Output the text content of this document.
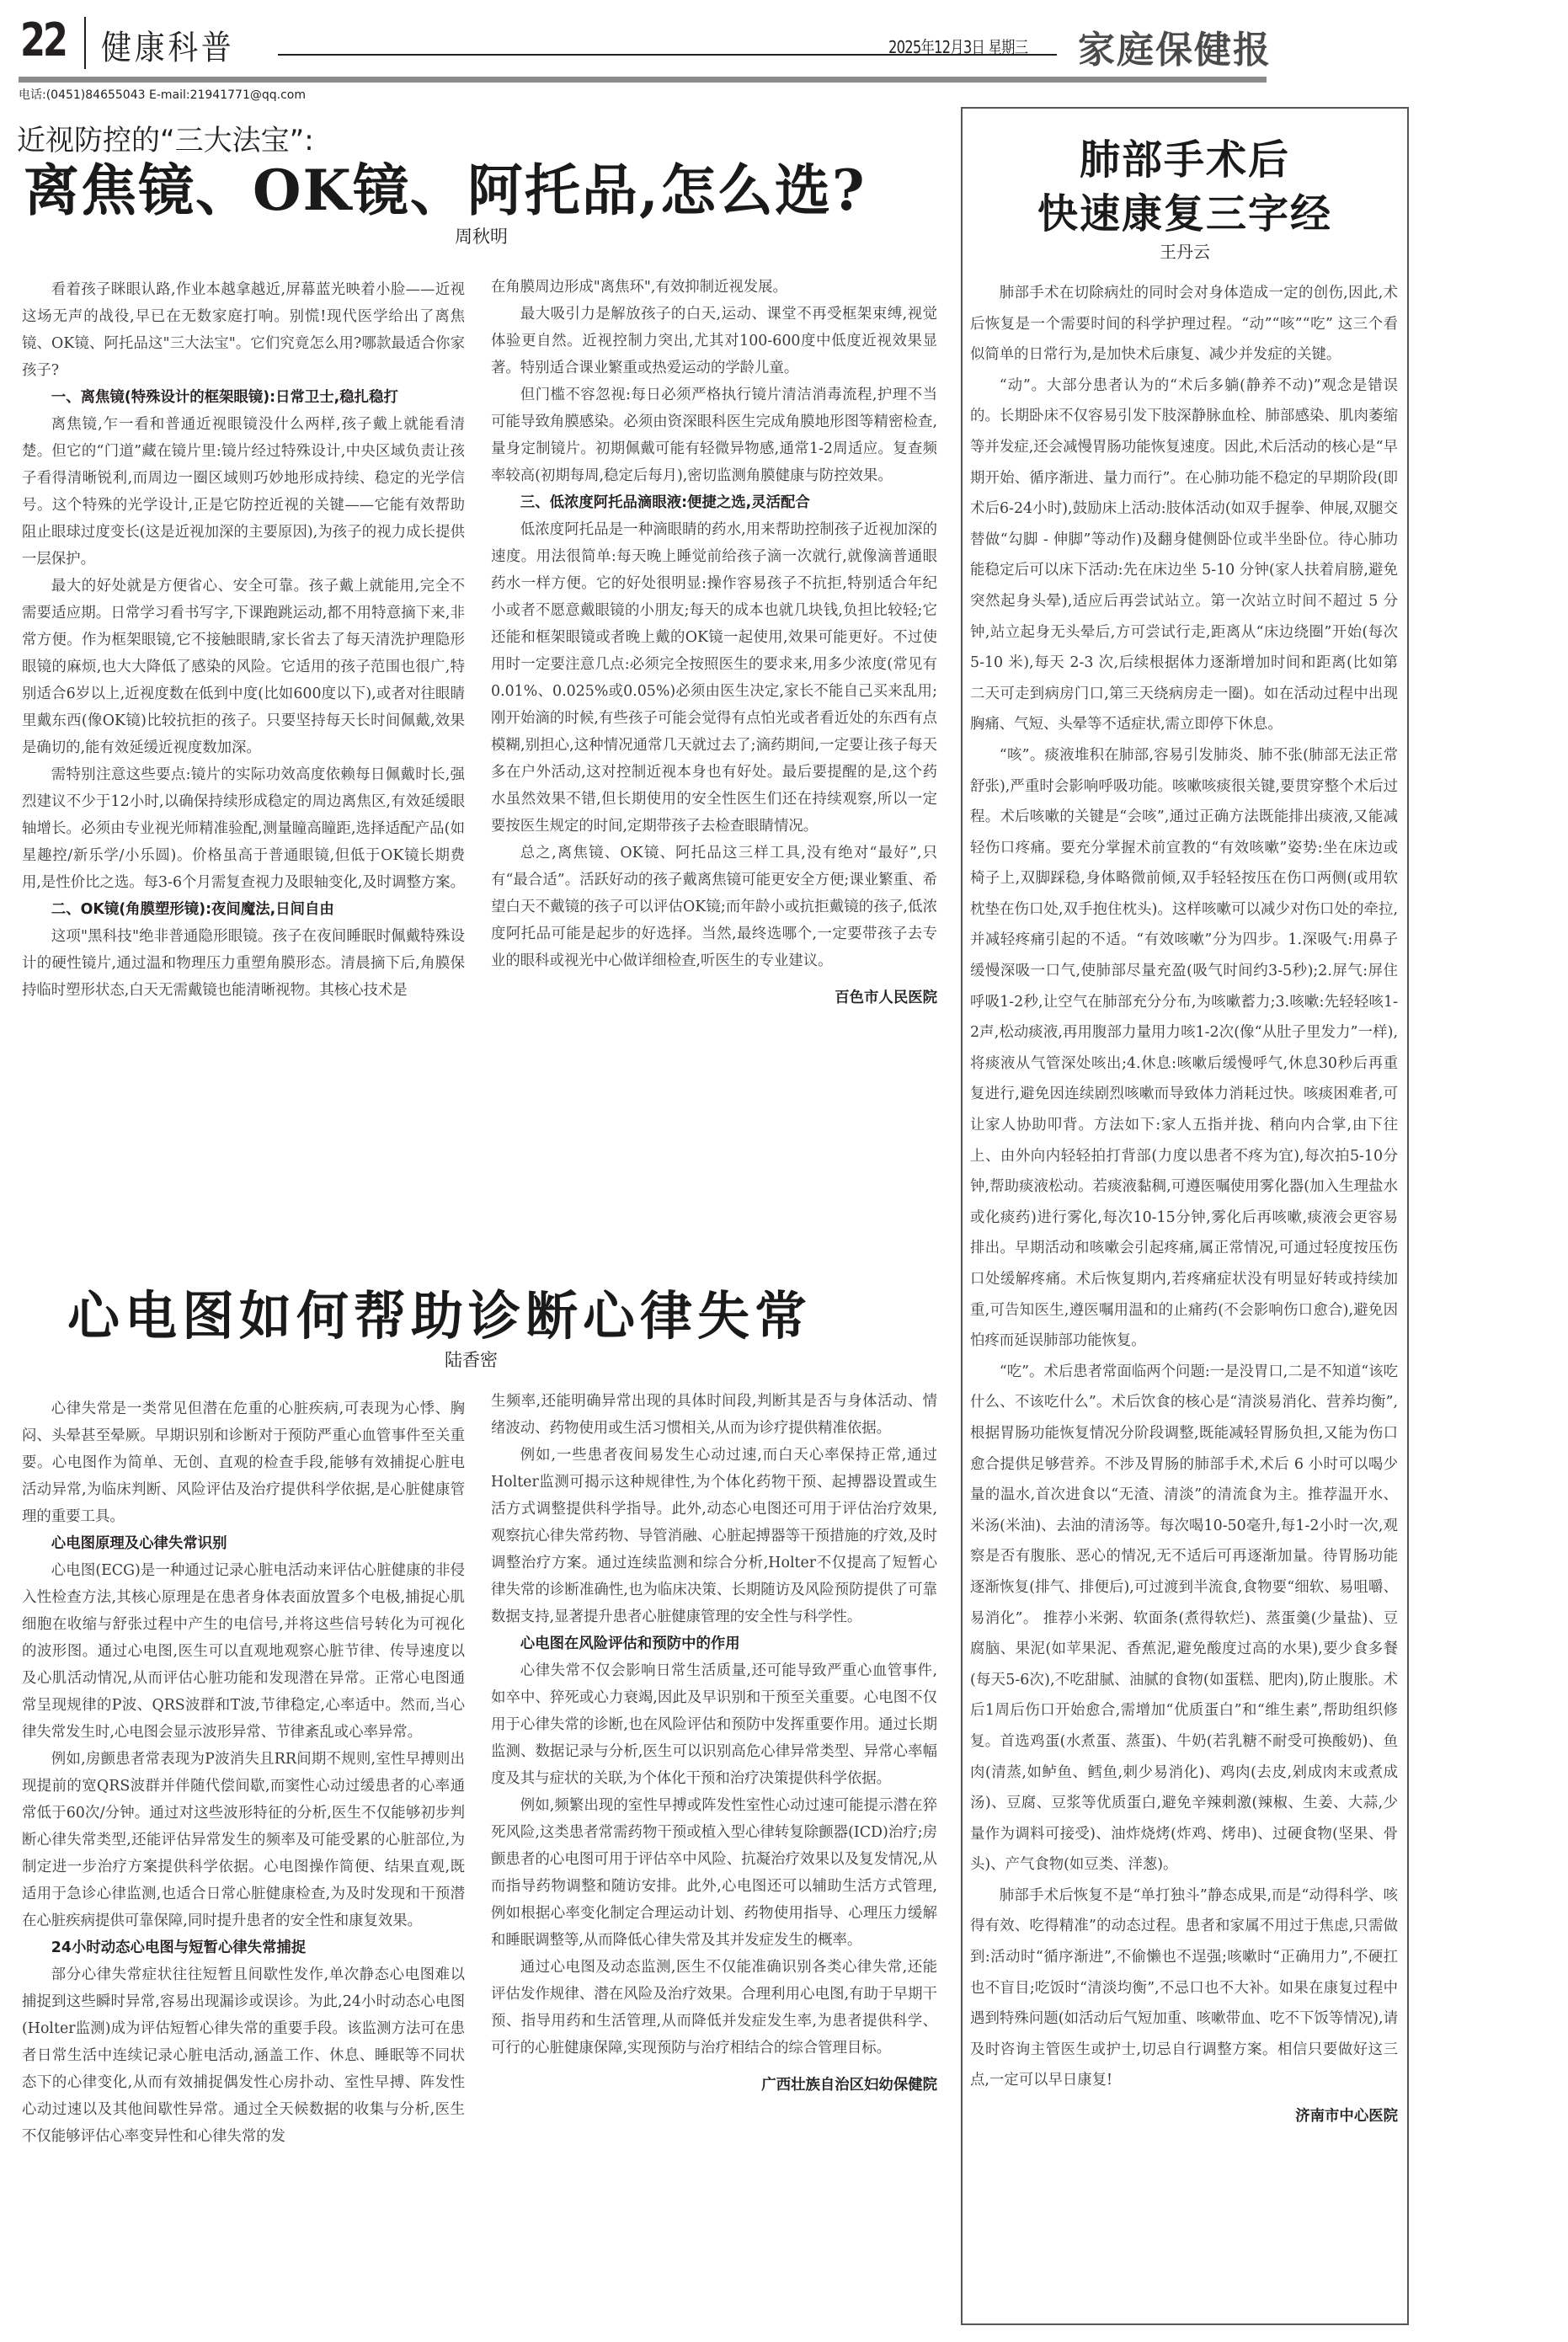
22 健康科普	2025年12月3日 星期三 家庭保健报
电话:(0451)84655043 E-mail:21941771@qq.com
近视防控的“三大法宝”:
离焦镜、OK镜、阿托品,怎么选?
周秋明

看着孩子眯眼认路,作业本越拿越近,屏幕蓝光映着小脸——近视这场无声的战役,早已在无数家庭打响。别慌!现代医学给出了离焦镜、OK镜、阿托品这"三大法宝"。它们究竟怎么用?哪款最适合你家孩子?

一、离焦镜(特殊设计的框架眼镜):日常卫士,稳扎稳打

离焦镜,乍一看和普通近视眼镜没什么两样,孩子戴上就能看清楚。但它的“门道”藏在镜片里:镜片经过特殊设计,中央区域负责让孩子看得清晰锐利,而周边一圈区域则巧妙地形成持续、稳定的光学信号。这个特殊的光学设计,正是它防控近视的关键——它能有效帮助阻止眼球过度变长(这是近视加深的主要原因),为孩子的视力成长提供一层保护。

最大的好处就是方便省心、安全可靠。孩子戴上就能用,完全不需要适应期。日常学习看书写字,下课跑跳运动,都不用特意摘下来,非常方便。作为框架眼镜,它不接触眼睛,家长省去了每天清洗护理隐形眼镜的麻烦,也大大降低了感染的风险。它适用的孩子范围也很广,特别适合6岁以上,近视度数在低到中度(比如600度以下),或者对往眼睛里戴东西(像OK镜)比较抗拒的孩子。只要坚持每天长时间佩戴,效果是确切的,能有效延缓近视度数加深。

需特别注意这些要点:镜片的实际功效高度依赖每日佩戴时长,强烈建议不少于12小时,以确保持续形成稳定的周边离焦区,有效延缓眼轴增长。必须由专业视光师精准验配,测量瞳高瞳距,选择适配产品(如星趣控/新乐学/小乐圆)。价格虽高于普通眼镜,但低于OK镜长期费用,是性价比之选。每3-6个月需复查视力及眼轴变化,及时调整方案。

二、OK镜(角膜塑形镜):夜间魔法,日间自由

这项"黑科技"绝非普通隐形眼镜。孩子在夜间睡眠时佩戴特殊设计的硬性镜片,通过温和物理压力重塑角膜形态。清晨摘下后,角膜保持临时塑形状态,白天无需戴镜也能清晰视物。其核心技术是

在角膜周边形成"离焦环",有效抑制近视发展。

最大吸引力是解放孩子的白天,运动、课堂不再受框架束缚,视觉体验更自然。近视控制力突出,尤其对100-600度中低度近视效果显著。特别适合课业繁重或热爱运动的学龄儿童。

但门槛不容忽视:每日必须严格执行镜片清洁消毒流程,护理不当可能导致角膜感染。必须由资深眼科医生完成角膜地形图等精密检查,量身定制镜片。初期佩戴可能有轻微异物感,通常1-2周适应。复查频率较高(初期每周,稳定后每月),密切监测角膜健康与防控效果。

三、低浓度阿托品滴眼液:便捷之选,灵活配合

低浓度阿托品是一种滴眼睛的药水,用来帮助控制孩子近视加深的速度。用法很简单:每天晚上睡觉前给孩子滴一次就行,就像滴普通眼药水一样方便。它的好处很明显:操作容易孩子不抗拒,特别适合年纪小或者不愿意戴眼镜的小朋友;每天的成本也就几块钱,负担比较轻;它还能和框架眼镜或者晚上戴的OK镜一起使用,效果可能更好。不过使用时一定要注意几点:必须完全按照医生的要求来,用多少浓度(常见有0.01%、0.025%或0.05%)必须由医生决定,家长不能自己买来乱用;刚开始滴的时候,有些孩子可能会觉得有点怕光或者看近处的东西有点模糊,别担心,这种情况通常几天就过去了;滴药期间,一定要让孩子每天多在户外活动,这对控制近视本身也有好处。最后要提醒的是,这个药水虽然效果不错,但长期使用的安全性医生们还在持续观察,所以一定要按医生规定的时间,定期带孩子去检查眼睛情况。

总之,离焦镜、OK镜、阿托品这三样工具,没有绝对“最好”,只有“最合适”。活跃好动的孩子戴离焦镜可能更安全方便;课业繁重、希望白天不戴镜的孩子可以评估OK镜;而年龄小或抗拒戴镜的孩子,低浓度阿托品可能是起步的好选择。当然,最终选哪个,一定要带孩子去专业的眼科或视光中心做详细检查,听医生的专业建议。

百色市人民医院

心电图如何帮助诊断心律失常
陆香密

心律失常是一类常见但潜在危重的心脏疾病,可表现为心悸、胸闷、头晕甚至晕厥。早期识别和诊断对于预防严重心血管事件至关重要。心电图作为简单、无创、直观的检查手段,能够有效捕捉心脏电活动异常,为临床判断、风险评估及治疗提供科学依据,是心脏健康管理的重要工具。

心电图原理及心律失常识别

心电图(ECG)是一种通过记录心脏电活动来评估心脏健康的非侵入性检查方法,其核心原理是在患者身体表面放置多个电极,捕捉心肌细胞在收缩与舒张过程中产生的电信号,并将这些信号转化为可视化的波形图。通过心电图,医生可以直观地观察心脏节律、传导速度以及心肌活动情况,从而评估心脏功能和发现潜在异常。正常心电图通常呈现规律的P波、QRS波群和T波,节律稳定,心率适中。然而,当心律失常发生时,心电图会显示波形异常、节律紊乱或心率异常。

例如,房颤患者常表现为P波消失且RR间期不规则,室性早搏则出现提前的宽QRS波群并伴随代偿间歇,而窦性心动过缓患者的心率通常低于60次/分钟。通过对这些波形特征的分析,医生不仅能够初步判断心律失常类型,还能评估异常发生的频率及可能受累的心脏部位,为制定进一步治疗方案提供科学依据。心电图操作简便、结果直观,既适用于急诊心律监测,也适合日常心脏健康检查,为及时发现和干预潜在心脏疾病提供可靠保障,同时提升患者的安全性和康复效果。

24小时动态心电图与短暂心律失常捕捉

部分心律失常症状往往短暂且间歇性发作,单次静态心电图难以捕捉到这些瞬时异常,容易出现漏诊或误诊。为此,24小时动态心电图(Holter监测)成为评估短暂心律失常的重要手段。该监测方法可在患者日常生活中连续记录心脏电活动,涵盖工作、休息、睡眠等不同状态下的心律变化,从而有效捕捉偶发性心房扑动、室性早搏、阵发性心动过速以及其他间歇性异常。通过全天候数据的收集与分析,医生不仅能够评估心率变异性和心律失常的发

生频率,还能明确异常出现的具体时间段,判断其是否与身体活动、情绪波动、药物使用或生活习惯相关,从而为诊疗提供精准依据。

例如,一些患者夜间易发生心动过速,而白天心率保持正常,通过Holter监测可揭示这种规律性,为个体化药物干预、起搏器设置或生活方式调整提供科学指导。此外,动态心电图还可用于评估治疗效果,观察抗心律失常药物、导管消融、心脏起搏器等干预措施的疗效,及时调整治疗方案。通过连续监测和综合分析,Holter不仅提高了短暂心律失常的诊断准确性,也为临床决策、长期随访及风险预防提供了可靠数据支持,显著提升患者心脏健康管理的安全性与科学性。

心电图在风险评估和预防中的作用

心律失常不仅会影响日常生活质量,还可能导致严重心血管事件,如卒中、猝死或心力衰竭,因此及早识别和干预至关重要。心电图不仅用于心律失常的诊断,也在风险评估和预防中发挥重要作用。通过长期监测、数据记录与分析,医生可以识别高危心律异常类型、异常心率幅度及其与症状的关联,为个体化干预和治疗决策提供科学依据。

例如,频繁出现的室性早搏或阵发性室性心动过速可能提示潜在猝死风险,这类患者常需药物干预或植入型心律转复除颤器(ICD)治疗;房颤患者的心电图可用于评估卒中风险、抗凝治疗效果以及复发情况,从而指导药物调整和随访安排。此外,心电图还可以辅助生活方式管理,例如根据心率变化制定合理运动计划、药物使用指导、心理压力缓解和睡眠调整等,从而降低心律失常及其并发症发生的概率。

通过心电图及动态监测,医生不仅能准确识别各类心律失常,还能评估发作规律、潜在风险及治疗效果。合理利用心电图,有助于早期干预、指导用药和生活管理,从而降低并发症发生率,为患者提供科学、可行的心脏健康保障,实现预防与治疗相结合的综合管理目标。

广西壮族自治区妇幼保健院

肺部手术后
快速康复三字经
王丹云

肺部手术在切除病灶的同时会对身体造成一定的创伤,因此,术后恢复是一个需要时间的科学护理过程。“动”“咳”“吃” 这三个看似简单的日常行为,是加快术后康复、减少并发症的关键。

“动”。大部分患者认为的“术后多躺(静养不动)”观念是错误的。长期卧床不仅容易引发下肢深静脉血栓、肺部感染、肌肉萎缩等并发症,还会减慢胃肠功能恢复速度。因此,术后活动的核心是“早期开始、循序渐进、量力而行”。在心肺功能不稳定的早期阶段(即术后6-24小时),鼓励床上活动:肢体活动(如双手握拳、伸展,双腿交替做“勾脚 - 伸脚”等动作)及翻身健侧卧位或半坐卧位。待心肺功能稳定后可以床下活动:先在床边坐 5-10 分钟(家人扶着肩膀,避免突然起身头晕),适应后再尝试站立。第一次站立时间不超过 5 分钟,站立起身无头晕后,方可尝试行走,距离从“床边绕圈”开始(每次 5-10 米),每天 2-3 次,后续根据体力逐渐增加时间和距离(比如第二天可走到病房门口,第三天绕病房走一圈)。如在活动过程中出现胸痛、气短、头晕等不适症状,需立即停下休息。

“咳”。痰液堆积在肺部,容易引发肺炎、肺不张(肺部无法正常舒张),严重时会影响呼吸功能。咳嗽咳痰很关键,要贯穿整个术后过程。术后咳嗽的关键是“会咳”,通过正确方法既能排出痰液,又能减轻伤口疼痛。要充分掌握术前宣教的“有效咳嗽”姿势:坐在床边或椅子上,双脚踩稳,身体略微前倾,双手轻轻按压在伤口两侧(或用软枕垫在伤口处,双手抱住枕头)。这样咳嗽可以减少对伤口处的牵拉,并减轻疼痛引起的不适。“有效咳嗽”分为四步。1.深吸气:用鼻子缓慢深吸一口气,使肺部尽量充盈(吸气时间约3-5秒);2.屏气:屏住呼吸1-2秒,让空气在肺部充分分布,为咳嗽蓄力;3.咳嗽:先轻轻咳1-2声,松动痰液,再用腹部力量用力咳1-2次(像“从肚子里发力”一样),将痰液从气管深处咳出;4.休息:咳嗽后缓慢呼气,休息30秒后再重复进行,避免因连续剧烈咳嗽而导致体力消耗过快。咳痰困难者,可让家人协助叩背。方法如下:家人五指并拢、稍向内合掌,由下往上、由外向内轻轻拍打背部(力度以患者不疼为宜),每次拍5-10分钟,帮助痰液松动。若痰液黏稠,可遵医嘱使用雾化器(加入生理盐水或化痰药)进行雾化,每次10-15分钟,雾化后再咳嗽,痰液会更容易排出。早期活动和咳嗽会引起疼痛,属正常情况,可通过轻度按压伤口处缓解疼痛。术后恢复期内,若疼痛症状没有明显好转或持续加重,可告知医生,遵医嘱用温和的止痛药(不会影响伤口愈合),避免因怕疼而延误肺部功能恢复。

“吃”。术后患者常面临两个问题:一是没胃口,二是不知道“该吃什么、不该吃什么”。术后饮食的核心是“清淡易消化、营养均衡”,根据胃肠功能恢复情况分阶段调整,既能减轻胃肠负担,又能为伤口愈合提供足够营养。不涉及胃肠的肺部手术,术后 6 小时可以喝少量的温水,首次进食以“无渣、清淡”的清流食为主。推荐温开水、米汤(米油)、去油的清汤等。每次喝10-50毫升,每1-2小时一次,观察是否有腹胀、恶心的情况,无不适后可再逐渐加量。待胃肠功能逐渐恢复(排气、排便后),可过渡到半流食,食物要“细软、易咀嚼、易消化”。 推荐小米粥、软面条(煮得软烂)、蒸蛋羹(少量盐)、豆腐脑、果泥(如苹果泥、香蕉泥,避免酸度过高的水果),要少食多餐(每天5-6次),不吃甜腻、油腻的食物(如蛋糕、肥肉),防止腹胀。术后1周后伤口开始愈合,需增加“优质蛋白”和“维生素”,帮助组织修复。首选鸡蛋(水煮蛋、蒸蛋)、牛奶(若乳糖不耐受可换酸奶)、鱼肉(清蒸,如鲈鱼、鳕鱼,刺少易消化)、鸡肉(去皮,剁成肉末或煮成汤)、豆腐、豆浆等优质蛋白,避免辛辣刺激(辣椒、生姜、大蒜,少量作为调料可接受)、油炸烧烤(炸鸡、烤串)、过硬食物(坚果、骨头)、产气食物(如豆类、洋葱)。

肺部手术后恢复不是“单打独斗”静态成果,而是“动得科学、咳得有效、吃得精准”的动态过程。患者和家属不用过于焦虑,只需做到:活动时“循序渐进”,不偷懒也不逞强;咳嗽时“正确用力”,不硬扛也不盲目;吃饭时“清淡均衡”,不忌口也不大补。如果在康复过程中遇到特殊问题(如活动后气短加重、咳嗽带血、吃不下饭等情况),请及时咨询主管医生或护士,切忌自行调整方案。相信只要做好这三点,一定可以早日康复!

济南市中心医院
